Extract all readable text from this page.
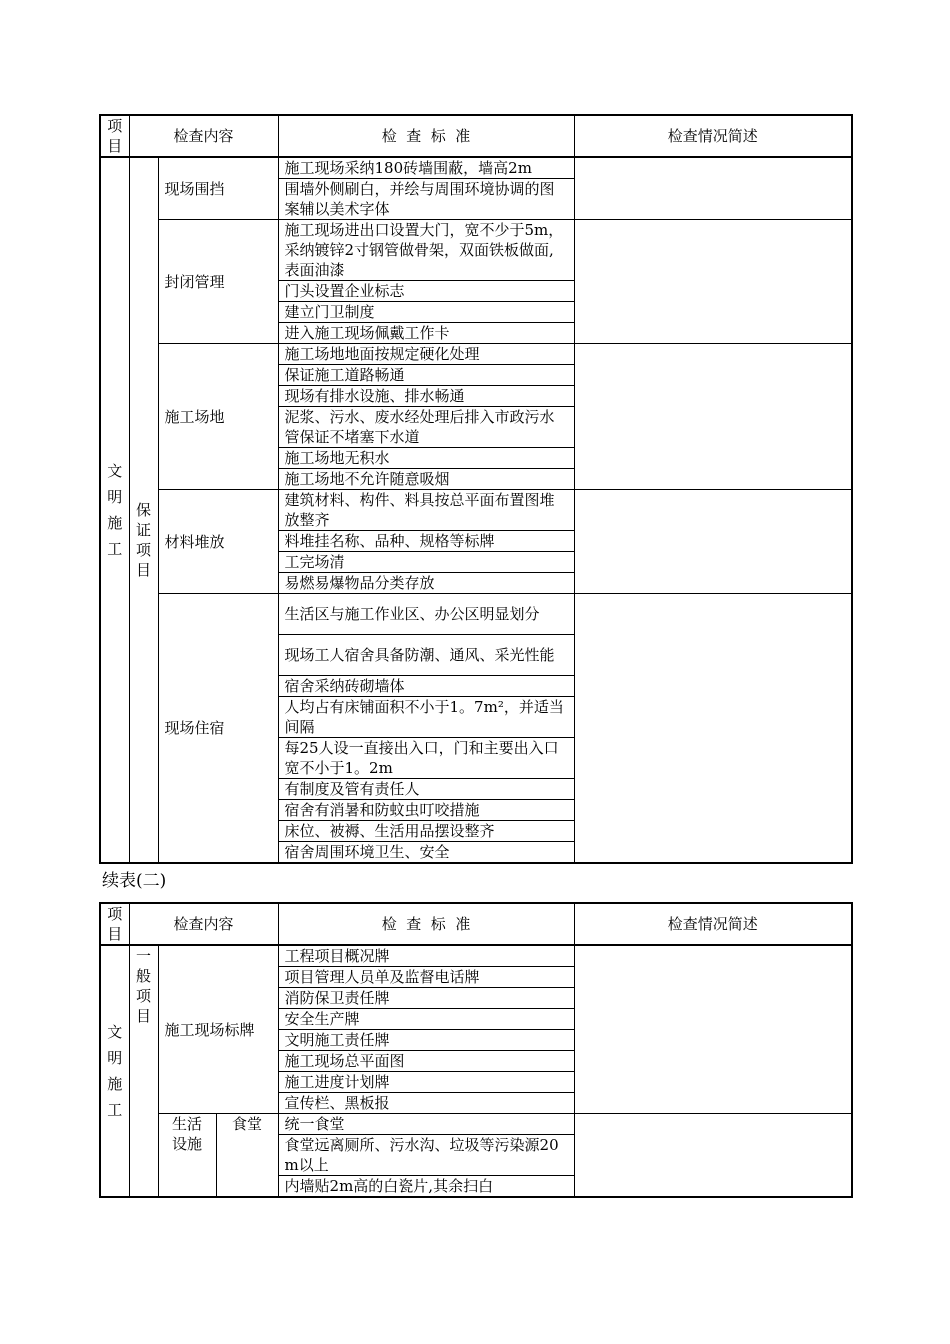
项目	检查内容		检  查  标  准	检查情况简述
文明施工	保证项目	现场围挡	施工现场采纳180砖墙围蔽，墙高2m	
			围墙外侧刷白，并绘与周围环境协调的图案辅以美术字体	
		封闭管理	施工现场进出口设置大门，宽不少于5m，采纳镀锌2寸钢管做骨架，双面铁板做面,表面油漆	
			门头设置企业标志	
			建立门卫制度	
			进入施工现场佩戴工作卡	
		施工场地	施工场地地面按规定硬化处理	
			保证施工道路畅通	
			现场有排水设施、排水畅通	
			泥浆、污水、废水经处理后排入市政污水管保证不堵塞下水道	
			施工场地无积水	
			施工场地不允许随意吸烟	
		材料堆放	建筑材料、构件、料具按总平面布置图堆放整齐	
			料堆挂名称、品种、规格等标牌	
			工完场清	
			易燃易爆物品分类存放	
		现场住宿	生活区与施工作业区、办公区明显划分	
			现场工人宿舍具备防潮、通风、采光性能	
			宿舍采纳砖砌墙体	
			人均占有床铺面积不小于1。7m²，并适当间隔	
			每25人设一直接出入口，门和主要出入口宽不小于1。2m	
			有制度及管有责任人	
			宿舍有消暑和防蚊虫叮咬措施	
			床位、被褥、生活用品摆设整齐	
			宿舍周围环境卫生、安全	
续表(二)
项目	检查内容			检  查  标  准	检查情况简述
文明施工	一般项目	施工现场标牌		工程项目概况牌	
				项目管理人员单及监督电话牌	
				消防保卫责任牌	
				安全生产牌	
				文明施工责任牌	
				施工现场总平面图	
				施工进度计划牌	
				宣传栏、黑板报	
		生活设施	食堂	统一食堂	
				食堂远离厕所、污水沟、垃圾等污染源20m以上	
				内墙贴2m高的白瓷片,其余扫白	
